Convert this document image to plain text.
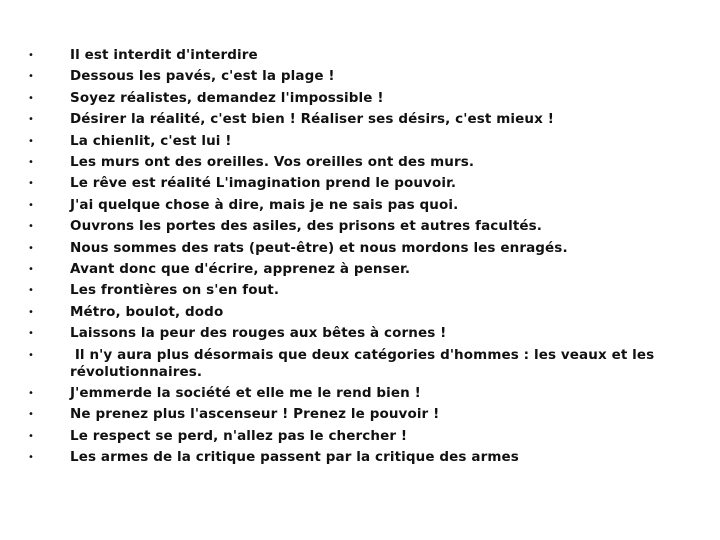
•	Il est interdit d'interdire
•	Dessous les pavés, c'est la plage !
•	Soyez réalistes, demandez l'impossible !
•	Désirer la réalité, c'est bien ! Réaliser ses désirs, c'est mieux !
•	La chienlit, c'est lui !
•	Les murs ont des oreilles. Vos oreilles ont des murs.
•	Le rêve est réalité L'imagination prend le pouvoir.
•	J'ai quelque chose à dire, mais je ne sais pas quoi.
•	Ouvrons les portes des asiles, des prisons et autres facultés.
•	Nous sommes des rats (peut-être) et nous mordons les enragés.
•	Avant donc que d'écrire, apprenez à penser.
•	Les frontières on s'en fout.
•	Métro, boulot, dodo
•	Laissons la peur des rouges aux bêtes à cornes !
•	Il n'y aura plus désormais que deux catégories d'hommes : les veaux et les révolutionnaires.
•	J'emmerde la société et elle me le rend bien !
•	Ne prenez plus l'ascenseur ! Prenez le pouvoir !
•	Le respect se perd, n'allez pas le chercher !
•	Les armes de la critique passent par la critique des armes
